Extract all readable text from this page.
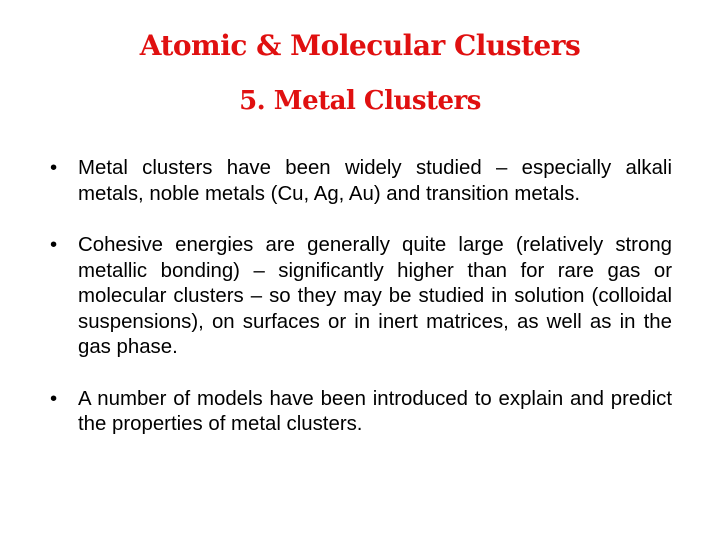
Atomic & Molecular Clusters
5. Metal Clusters
• Metal clusters have been widely studied – especially alkali metals, noble metals (Cu, Ag, Au) and transition metals.
• Cohesive energies are generally quite large (relatively strong metallic bonding) – significantly higher than for rare gas or molecular clusters – so they may be studied in solution (colloidal suspensions), on surfaces or in inert matrices, as well as in the gas phase.
• A number of models have been introduced to explain and predict the properties of metal clusters.
